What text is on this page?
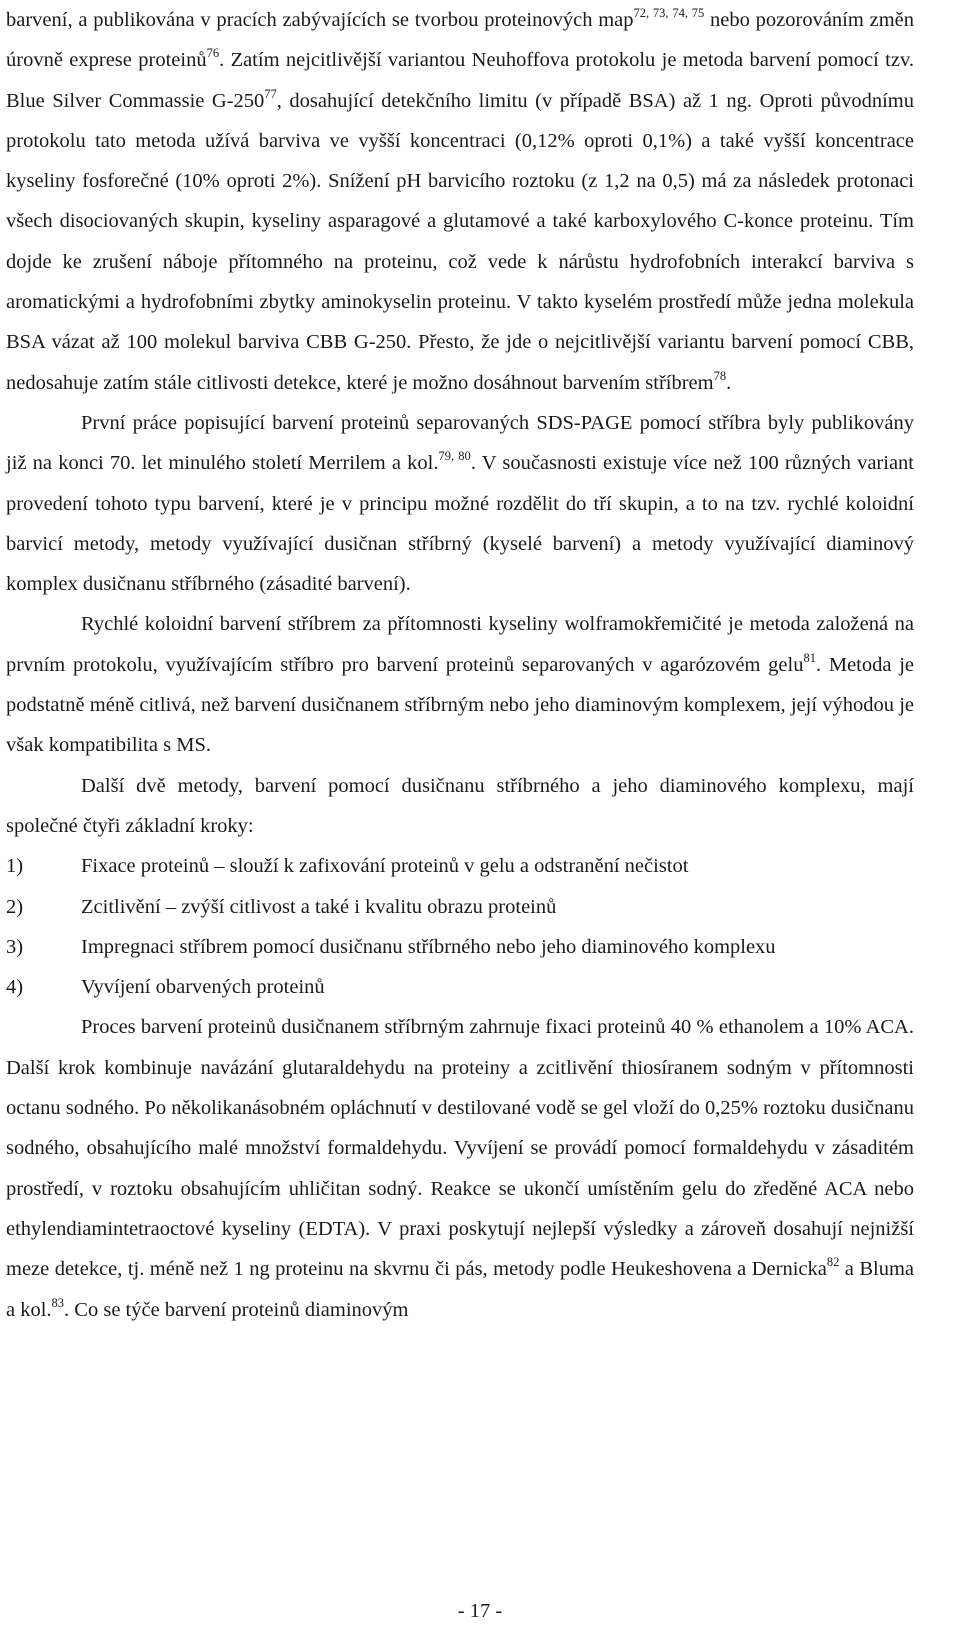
barvení, a publikována v pracích zabývajících se tvorbou proteinových map$^{72, 73, 74, 75}$ nebo pozorováním změn úrovně exprese proteinů$^{76}$. Zatím nejcitlivější variantou Neuhoffova protokolu je metoda barvení pomocí tzv. Blue Silver Commassie $G-250^{77}$, dosahující detekčního limitu (v případě BSA) až 1 ng. Oproti původnímu protokolu tato metoda užívá barviva ve vyšší koncentraci (0,12% oproti 0,1%) a také vyšší koncentrace kyseliny fosforečné (10% oproti 2%). Snížení pH barvicího roztoku (z 1,2 na 0,5) má za následek protonaci všech disociovaných skupin, kyseliny asparagové a glutamové a také karboxylového C-konce proteinu. Tím dojde ke zrušení náboje přítomného na proteinu, což vede k nárůstu hydrofobních interakcí barviva s aromatickými a hydrofobními zbytky aminokyselin proteinu. V takto kyselém prostředí může jedna molekula BSA vázat až 100 molekul barviva CBB G-250. Přesto, že jde o nejcitlivější variantu barvení pomocí CBB, nedosahuje zatím stále citlivosti detekce, které je možno dosáhnout barvením stříbrem$^{78}$.

První práce popisující barvení proteinů separovaných SDS-PAGE pomocí stříbra byly publikovány již na konci 70. let minulého století Merrilem a kol.$^{79, 80}$. V současnosti existuje více než 100 různých variant provedení tohoto typu barvení, které je v principu možné rozdělit do tří skupin, a to na tzv. rychlé koloidní barvicí metody, metody využívající dusičnan stříbrný (kyselé barvení) a metody využívající diaminový komplex dusičnanu stříbrného (zásadité barvení).

Rychlé koloidní barvení stříbrem za přítomnosti kyseliny wolframokřemičité je metoda založená na prvním protokolu, využívajícím stříbro pro barvení proteinů separovaných v agarózovém gelu$^{81}$. Metoda je podstatně méně citlivá, než barvení dusičnanem stříbrným nebo jeho diaminovým komplexem, její výhodou je však kompatibilita s MS.

Další dvě metody, barvení pomocí dusičnanu stříbrného a jeho diaminového komplexu, mají společné čtyři základní kroky:

1)	Fixace proteinů – slouží k zafixování proteinů v gelu a odstranění nečistot
2)	Zcitlivění – zvýší citlivost a také i kvalitu obrazu proteinů
3)	Impregnaci stříbrem pomocí dusičnanu stříbrného nebo jeho diaminového komplexu
4)	Vyvíjení obarvených proteinů

Proces barvení proteinů dusičnanem stříbrným zahrnuje fixaci proteinů 40 % ethanolem a 10% ACA. Další krok kombinuje navázání glutaraldehydu na proteiny a zcitlivění thiosíranem sodným v přítomnosti octanu sodného. Po několikanásobném opláchnutí v destilované vodě se gel vloží do 0,25% roztoku dusičnanu sodného, obsahujícího malé množství formaldehydu. Vyvíjení se provádí pomocí formaldehydu v zásaditém prostředí, v roztoku obsahujícím uhličitan sodný. Reakce se ukončí umístěním gelu do zředěné ACA nebo ethylendiamintetraoctové kyseliny (EDTA). V praxi poskytují nejlepší výsledky a zároveň dosahují nejnižší meze detekce, tj. méně než 1 ng proteinu na skvrnu či pás, metody podle Heukeshovena a Dernicka$^{82}$ a Bluma a kol.$^{83}$. Co se týče barvení proteinů diaminovým

- 17 -
